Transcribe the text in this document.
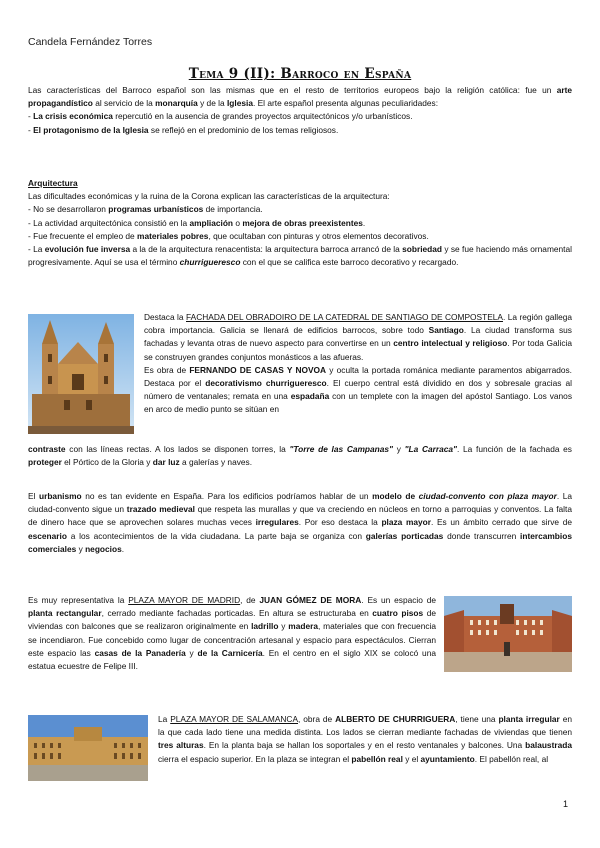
Candela Fernández Torres
Tema 9 (II): Barroco en España

Las características del Barroco español son las mismas que en el resto de territorios europeos bajo la religión católica: fue un arte propagandístico al servicio de la monarquía y de la Iglesia. El arte español presenta algunas peculiaridades:
- La crisis económica repercutió en la ausencia de grandes proyectos arquitectónicos y/o urbanísticos.
- El protagonismo de la Iglesia se reflejó en el predominio de los temas religiosos.

Arquitectura
Las dificultades económicas y la ruina de la Corona explican las características de la arquitectura:
- No se desarrollaron programas urbanísticos de importancia.
- La actividad arquitectónica consistió en la ampliación o mejora de obras preexistentes.
- Fue frecuente el empleo de materiales pobres, que ocultaban con pinturas y otros elementos decorativos.
- La evolución fue inversa a la de la arquitectura renacentista: la arquitectura barroca arrancó de la sobriedad y se fue haciendo más ornamental progresivamente. Aquí se usa el término churrigueresco con el que se califica este barroco decorativo y recargado.

Destaca la FACHADA DEL OBRADOIRO DE LA CATEDRAL DE SANTIAGO DE COMPOSTELA. La región gallega cobra importancia. Galicia se llenará de edificios barrocos, sobre todo Santiago. La ciudad transforma sus fachadas y levanta otras de nuevo aspecto para convertirse en un centro intelectual y religioso. Por toda Galicia se construyen grandes conjuntos monásticos a las afueras.
Es obra de FERNANDO DE CASAS Y NOVOA y oculta la portada románica mediante paramentos abigarrados. Destaca por el decorativismo churrigueresco. El cuerpo central está dividido en dos y sobresale gracias al número de ventanales; remata en una espadaña con un templete con la imagen del apóstol Santiago. Los vanos en arco de medio punto se sitúan en

contraste con las líneas rectas. A los lados se disponen torres, la "Torre de las Campanas" y "La Carraca". La función de la fachada es proteger el Pórtico de la Gloria y dar luz a galerías y naves.

El urbanismo no es tan evidente en España. Para los edificios podríamos hablar de un modelo de ciudad-convento con plaza mayor. La ciudad-convento sigue un trazado medieval que respeta las murallas y que va creciendo en núcleos en torno a parroquias y conventos. La falta de dinero hace que se aprovechen solares muchas veces irregulares. Por eso destaca la plaza mayor. Es un ámbito cerrado que sirve de escenario a los acontecimientos de la vida ciudadana. La parte baja se organiza con galerías porticadas donde transcurren intercambios comerciales y negocios.

Es muy representativa la PLAZA MAYOR DE MADRID, de JUAN GÓMEZ DE MORA. Es un espacio de planta rectangular, cerrado mediante fachadas porticadas. En altura se estructuraba en cuatro pisos de viviendas con balcones que se realizaron originalmente en ladrillo y madera, materiales que con frecuencia se incendiaron. Fue concebido como lugar de concentración artesanal y espacio para espectáculos. Cierran este espacio las casas de la Panadería y de la Carnicería. En el centro en el siglo XIX se colocó una estatua ecuestre de Felipe III.

La PLAZA MAYOR DE SALAMANCA, obra de ALBERTO DE CHURRIGUERA, tiene una planta irregular en la que cada lado tiene una medida distinta. Los lados se cierran mediante fachadas de viviendas que tienen tres alturas. En la planta baja se hallan los soportales y en el resto ventanales y balcones. Una balaustrada cierra el espacio superior. En la plaza se integran el pabellón real y el ayuntamiento. El pabellón real, al

1
